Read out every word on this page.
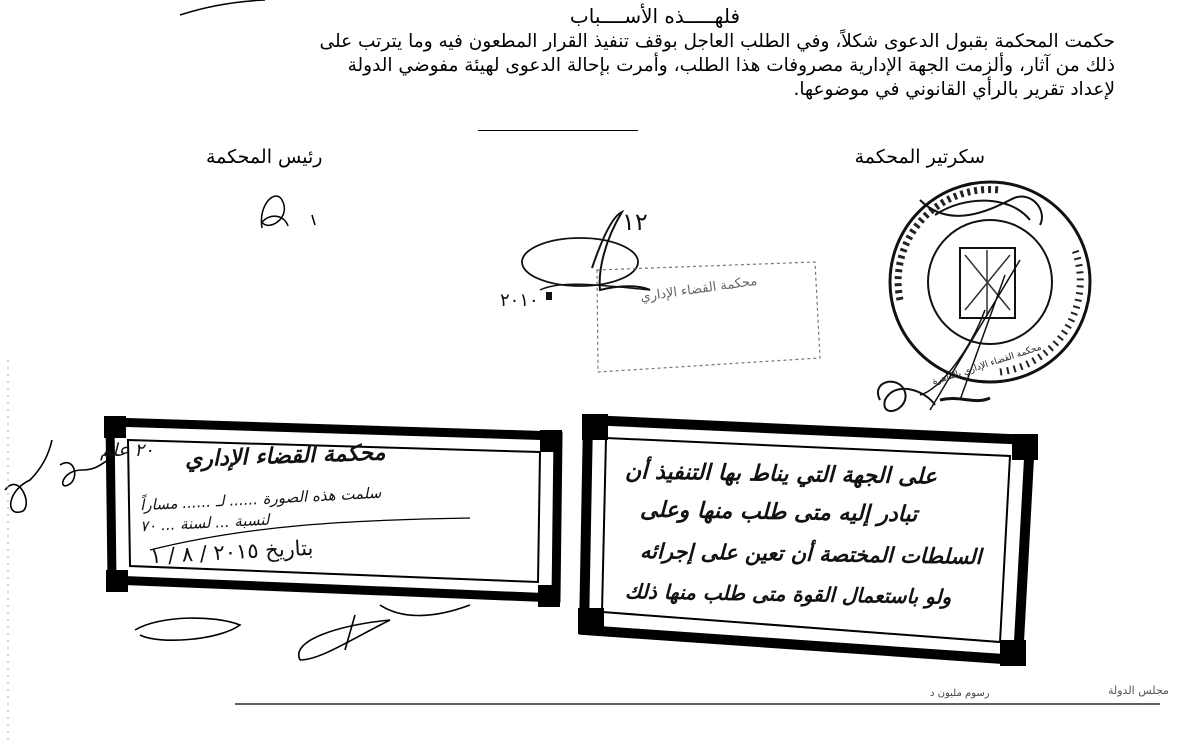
فلهـــــذه الأســــباب

حكمت المحكمة بقبول الدعوى شكلاً، وفي الطلب العاجل بوقف تنفيذ القرار المطعون فيه وما يترتب على

ذلك من آثار، وألزمت الجهة الإدارية مصروفات هذا الطلب، وأمرت بإحالة الدعوى لهيئة مفوضي الدولة

لإعداد تقرير بالرأي القانوني في موضوعها.

سكرتير المحكمة
رئيس المحكمة
١٢
٢٠١٠
محكمة القضاء الإداري بالقاهرة
محكمة القضاء الإداري
محكمة القضاء الإداري
سلمت هذه الصورة ...... لـ ...... مساراً
لنسبة ... لسنة ... ٧٠
بتاريخ ٢٠١٥ / ٨ / ١
على الجهة التي يناط بها التنفيذ أن
تبادر إليه متى طلب منها وعلى
السلطات المختصة أن تعين على إجرائه
ولو باستعمال القوة متى طلب منها ذلك
٢٠ علم
رسوم مليون د	مجلس الدولة
